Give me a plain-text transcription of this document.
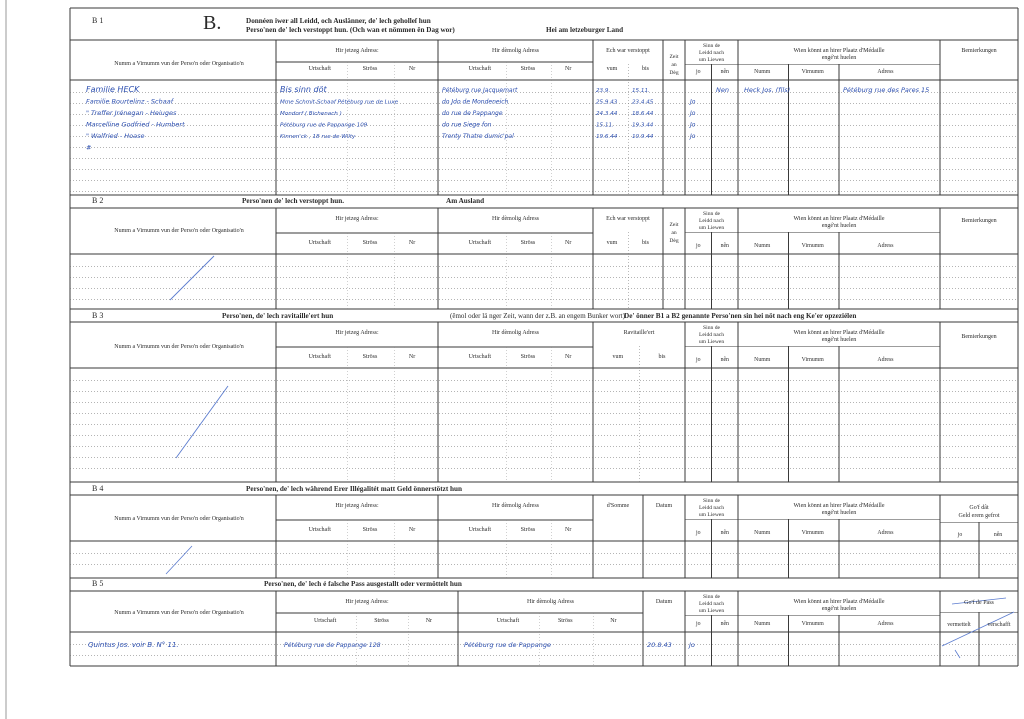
B 1	B.	Donnéen iwer all Leidd, och Auslänner, de' lech geholleſ hun
Perso'nen de' lech verstoppt hun. (Och wan et nömmen ên Dag wor)	Hei am letzeburger Land
Numm a Virnumm vun der Perso'n oder Organisatio'n
Hir jetzeg Adress:
Urtschaft	Ströss	Nr
Hir dèmolig Adress
Urtschaft	Ströss	Nr
Ech war verstoppt
vum	bis
Zeit
an
Dèg
Sinn de
Leidd nach
um Liewen
jo	nên
Wien könnt an hirer Plaatz d'Médaille
engé'nt huelen
Numm	Virnumm	Adress
Bemierkungen
Familie HECK	Bis sinn döt	Pétéburg rue Jacquemart	23.9.	15.11.	Nen Heck Jos. (fils)	Pétéburg rue des Pares 15
Familie Bourtelinz - Schaaf	Mme Schmit-Schaaf Pétéburg rue de Luxe	do Jdo de Mondeneich	25.9.43	23.4.45	Jo
" Treffer Jrénegan - Heiuges	Mondorf ( Bichenach )	do rue de Pappange	24.3.44	18.6.44	Jo
Marcelline Godfried - Humbert	Pétéburg rue de Pappange 109	do rue Siege fon	15.11.	19.3.44	Jo
" Walfried - Hoase	Kinnen'ck , 18 rue de Wilty	Trenty Thatre dumic'pal	19.6.44	10.9.44	Jo
#
B 2	Perso'nen de' lech verstoppt hun.	Am Ausland
Numm a Virnumm vun der Perso'n oder Organisatio'n
Hir jetzeg Adress:
Urtschaft	Ströss	Nr
Hir dèmolig Adress
Urtschaft	Ströss	Nr
Ech war verstoppt
vum	bis
Zeit
an
Dèg
Sinn de
Leidd nach
um Liewen
jo	nên
Wien könnt an hirer Plaatz d'Médaille
engé'nt huelen
Numm	Virnumm	Adress
Bemierkungen
B 3	Perso'nen, de' lech ravitaille'ert hun	(êmol oder lä nger Zeit, wann der z.B. an engem Bunker wort) De' önner B1 a B2 genannte Perso'nen sin hei nöt nach eng Ke'er opzeziélen
Numm a Virnumm vun der Perso'n oder Organisatio'n
Hir jetzeg Adress:
Urtschaft	Ströss	Nr
Hir dèmolig Adress
Urtschaft	Ströss	Nr
Ravitaille'ert
vum	bis
Sinn de
Leidd nach
um Liewen
jo	nên
Wien könnt an hirer Plaatz d'Médaille
engé'nt huelen
Numm	Virnumm	Adress
Bemierkungen
B 4	Perso'nen, de' lech während Erer Illégalitét matt Geld önnerstötzt hun
Numm a Virnumm vun der Perso'n oder Organisatio'n
Hir jetzeg Adress:
Urtschaft	Ströss	Nr
Hir dèmolig Adress
Urtschaft	Ströss	Nr
d'Somme	Datum
Sinn de
Leidd nach
um Liewen
jo	nên
Wien könnt an hirer Plaatz d'Médaille
engé'nt huelen
Numm	Virnumm	Adress
Go'f dât
Geld erem gefrot
jo	nên
B 5	Perso'nen, de' lech é falsche Pass ausgestallt oder vermöttelt hun
Numm a Virnumm vun der Perso'n oder Organisatio'n
Hir jetzeg Adress:
Urtschaft	Ströss	Nr
Hir dèmolig Adress
Urtschaft	Ströss	Nr
Datum
Sinn de
Leidd nach
um Liewen
jo	nên
Wien könnt an hirer Plaatz d'Médaille
engé'nt huelen
Numm	Virnumm	Adress
Go'f de Pass
vermettelt	verschafft
Quintus Jos. voir B. N° 11.	Pétéburg rue de Pappange 128	Pétéburg rue de Pappange	20.8.43	Jo
